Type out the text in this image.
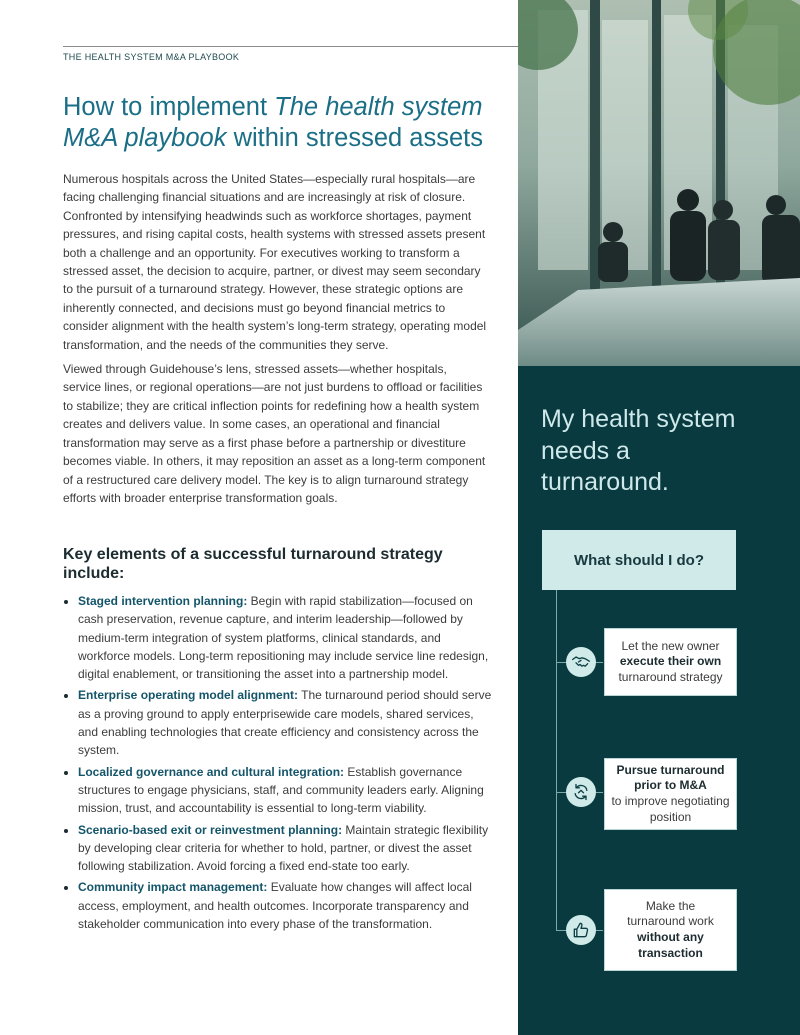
THE HEALTH SYSTEM M&A PLAYBOOK
How to implement The health system M&A playbook within stressed assets

Numerous hospitals across the United States—especially rural hospitals—are facing challenging financial situations and are increasingly at risk of closure. Confronted by intensifying headwinds such as workforce shortages, payment pressures, and rising capital costs, health systems with stressed assets present both a challenge and an opportunity. For executives working to transform a stressed asset, the decision to acquire, partner, or divest may seem secondary to the pursuit of a turnaround strategy. However, these strategic options are inherently connected, and decisions must go beyond financial metrics to consider alignment with the health system’s long-term strategy, operating model transformation, and the needs of the communities they serve.

Viewed through Guidehouse’s lens, stressed assets—whether hospitals, service lines, or regional operations—are not just burdens to offload or facilities to stabilize; they are critical inflection points for redefining how a health system creates and delivers value. In some cases, an operational and financial transformation may serve as a first phase before a partnership or divestiture becomes viable. In others, it may reposition an asset as a long-term component of a restructured care delivery model. The key is to align turnaround strategy efforts with broader enterprise transformation goals.

Key elements of a successful turnaround strategy include:
Staged intervention planning: Begin with rapid stabilization—focused on cash preservation, revenue capture, and interim leadership—followed by medium-term integration of system platforms, clinical standards, and workforce models. Long-term repositioning may include service line redesign, digital enablement, or transitioning the asset into a partnership model.
Enterprise operating model alignment: The turnaround period should serve as a proving ground to apply enterprisewide care models, shared services, and enabling technologies that create efficiency and consistency across the system.
Localized governance and cultural integration: Establish governance structures to engage physicians, staff, and community leaders early. Aligning mission, trust, and accountability is essential to long-term viability.
Scenario-based exit or reinvestment planning: Maintain strategic flexibility by developing clear criteria for whether to hold, partner, or divest the asset following stabilization. Avoid forcing a fixed end-state too early.
Community impact management: Evaluate how changes will affect local access, employment, and health outcomes. Incorporate transparency and stakeholder communication into every phase of the transformation.
My health system needs a turnaround.
What should I do?
Let the new owner
execute their own
turnaround strategy
Pursue turnaround prior to M&A
to improve negotiating position
Make the turnaround work
without any transaction
